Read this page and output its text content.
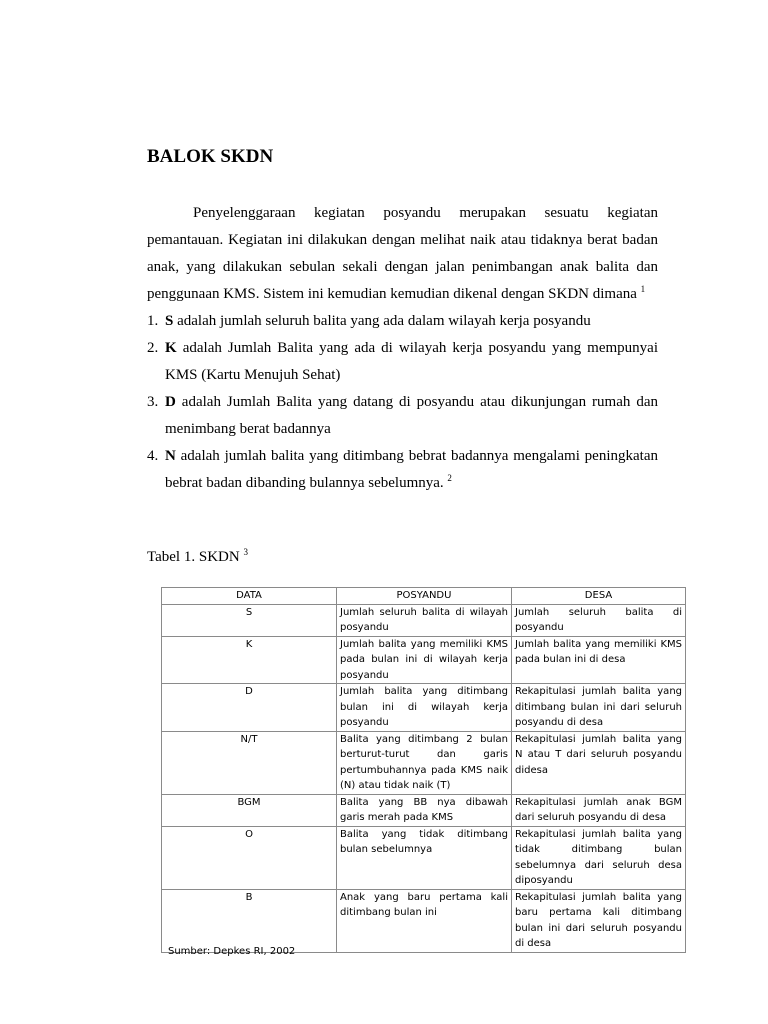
BALOK SKDN

Penyelenggaraan kegiatan posyandu merupakan sesuatu kegiatan pemantauan. Kegiatan ini dilakukan dengan melihat naik atau tidaknya berat badan anak, yang dilakukan sebulan sekali dengan jalan penimbangan anak balita dan penggunaan KMS. Sistem ini kemudian kemudian dikenal dengan SKDN dimana $^1$

1. S adalah jumlah seluruh balita yang ada dalam wilayah kerja posyandu
2. K adalah Jumlah Balita yang ada di wilayah kerja posyandu yang mempunyai KMS (Kartu Menujuh Sehat)
3. D adalah Jumlah Balita yang datang di posyandu atau dikunjungan rumah dan menimbang berat badannya
4. N adalah jumlah balita yang ditimbang bebrat badannya mengalami peningkatan bebrat badan dibanding bulannya sebelumnya. $^2$
Tabel 1. SKDN $^3$
DATA	POSYANDU	DESA
S	Jumlah seluruh balita di wilayah posyandu	Jumlah seluruh balita di posyandu
K	Jumlah balita yang memiliki KMS pada bulan ini di wilayah kerja posyandu	Jumlah balita yang memiliki KMS pada bulan ini di desa
D	Jumlah balita yang ditimbang bulan ini di wilayah kerja posyandu	Rekapitulasi jumlah balita yang ditimbang bulan ini dari seluruh posyandu di desa
N/T	Balita yang ditimbang 2 bulan berturut-turut dan garis pertumbuhannya pada KMS naik (N) atau tidak naik (T)	Rekapitulasi jumlah balita yang N atau T dari seluruh posyandu didesa
BGM	Balita yang BB nya dibawah garis merah pada KMS	Rekapitulasi jumlah anak BGM dari seluruh posyandu di desa
O	Balita yang tidak ditimbang bulan sebelumnya	Rekapitulasi jumlah balita yang tidak ditimbang bulan sebelumnya dari seluruh desa diposyandu
B	Anak yang baru pertama kali ditimbang bulan ini	Rekapitulasi jumlah balita yang baru pertama kali ditimbang bulan ini dari seluruh posyandu di desa
Sumber: Depkes RI, 2002
